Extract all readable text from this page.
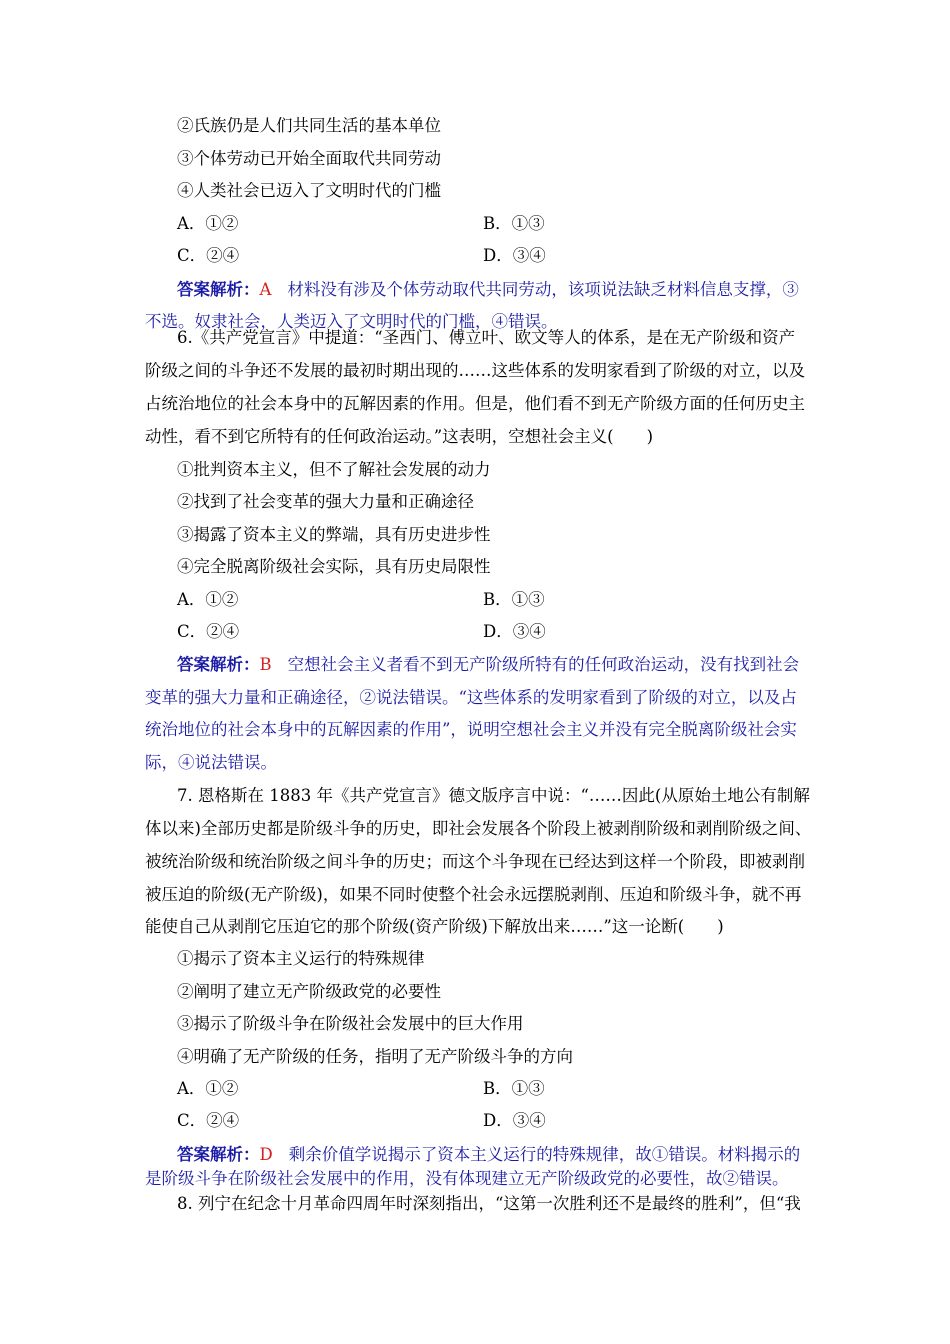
②氏族仍是人们共同生活的基本单位
③个体劳动已开始全面取代共同劳动
④人类社会已迈入了文明时代的门槛
A．①②	B．①③
C．②④	D．③④
答案解析：A 材料没有涉及个体劳动取代共同劳动，该项说法缺乏材料信息支撑，③
不选。奴隶社会，人类迈入了文明时代的门槛，④错误。
6.《共产党宣言》中提道：“圣西门、傅立叶、欧文等人的体系，是在无产阶级和资产
阶级之间的斗争还不发展的最初时期出现的……这些体系的发明家看到了阶级的对立，以及
占统治地位的社会本身中的瓦解因素的作用。但是，他们看不到无产阶级方面的任何历史主
动性，看不到它所特有的任何政治运动。”这表明，空想社会主义(　　)
①批判资本主义，但不了解社会发展的动力
②找到了社会变革的强大力量和正确途径
③揭露了资本主义的弊端，具有历史进步性
④完全脱离阶级社会实际，具有历史局限性
A．①②	B．①③
C．②④	D．③④
答案解析：B 空想社会主义者看不到无产阶级所特有的任何政治运动，没有找到社会
变革的强大力量和正确途径，②说法错误。“这些体系的发明家看到了阶级的对立，以及占
统治地位的社会本身中的瓦解因素的作用”，说明空想社会主义并没有完全脱离阶级社会实
际，④说法错误。
7. 恩格斯在 1883 年《共产党宣言》德文版序言中说：“……因此(从原始土地公有制解
体以来)全部历史都是阶级斗争的历史，即社会发展各个阶段上被剥削阶级和剥削阶级之间、
被统治阶级和统治阶级之间斗争的历史；而这个斗争现在已经达到这样一个阶段，即被剥削
被压迫的阶级(无产阶级)，如果不同时使整个社会永远摆脱剥削、压迫和阶级斗争，就不再
能使自己从剥削它压迫它的那个阶级(资产阶级)下解放出来……”这一论断(　　)
①揭示了资本主义运行的特殊规律
②阐明了建立无产阶级政党的必要性
③揭示了阶级斗争在阶级社会发展中的巨大作用
④明确了无产阶级的任务，指明了无产阶级斗争的方向
A．①②	B．①③
C．②④	D．③④
答案解析：D 剩余价值学说揭示了资本主义运行的特殊规律，故①错误。材料揭示的
是阶级斗争在阶级社会发展中的作用，没有体现建立无产阶级政党的必要性，故②错误。
8. 列宁在纪念十月革命四周年时深刻指出，“这第一次胜利还不是最终的胜利”，但“我
